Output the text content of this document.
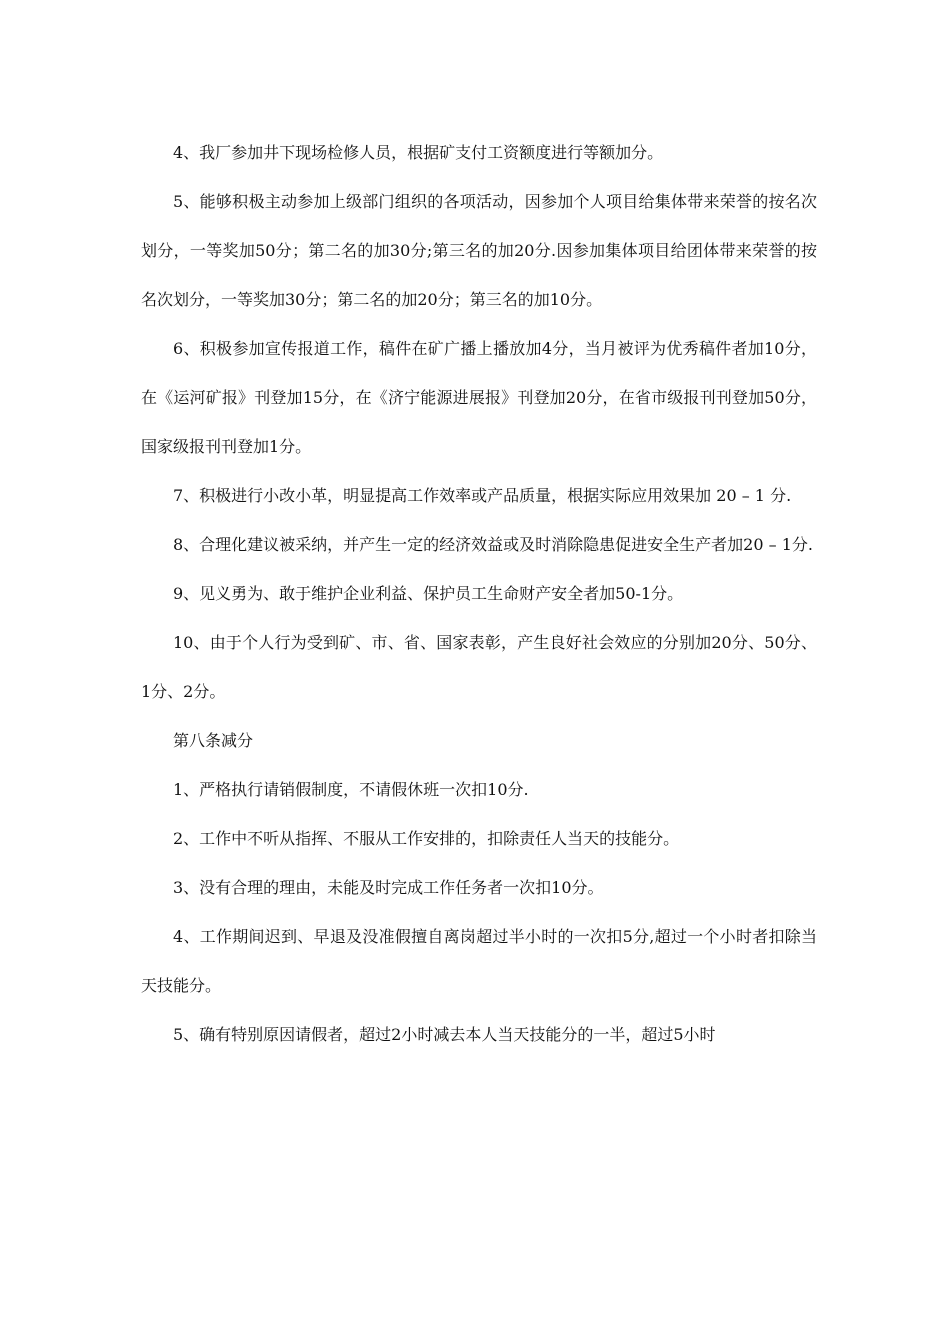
4、我厂参加井下现场检修人员，根据矿支付工资额度进行等额加分。

5、能够积极主动参加上级部门组织的各项活动，因参加个人项目给集体带来荣誉的按名次划分，一等奖加50分；第二名的加30分;第三名的加20分.因参加集体项目给团体带来荣誉的按名次划分，一等奖加30分；第二名的加20分；第三名的加10分。

6、积极参加宣传报道工作，稿件在矿广播上播放加4分，当月被评为优秀稿件者加10分，在《运河矿报》刊登加15分，在《济宁能源进展报》刊登加20分，在省市级报刊刊登加50分，国家级报刊刊登加1分。

7、积极进行小改小革，明显提高工作效率或产品质量，根据实际应用效果加 20 – 1 分.

8、合理化建议被采纳，并产生一定的经济效益或及时消除隐患促进安全生产者加20 – 1分.

9、见义勇为、敢于维护企业利益、保护员工生命财产安全者加50-1分。

10、由于个人行为受到矿、市、省、国家表彰，产生良好社会效应的分别加20分、50分、1分、2分。

第八条减分

1、严格执行请销假制度，不请假休班一次扣10分.

2、工作中不听从指挥、不服从工作安排的，扣除责任人当天的技能分。

3、没有合理的理由，未能及时完成工作任务者一次扣10分。

4、工作期间迟到、早退及没准假擅自离岗超过半小时的一次扣5分,超过一个小时者扣除当天技能分。

5、确有特别原因请假者，超过2小时减去本人当天技能分的一半，超过5小时
